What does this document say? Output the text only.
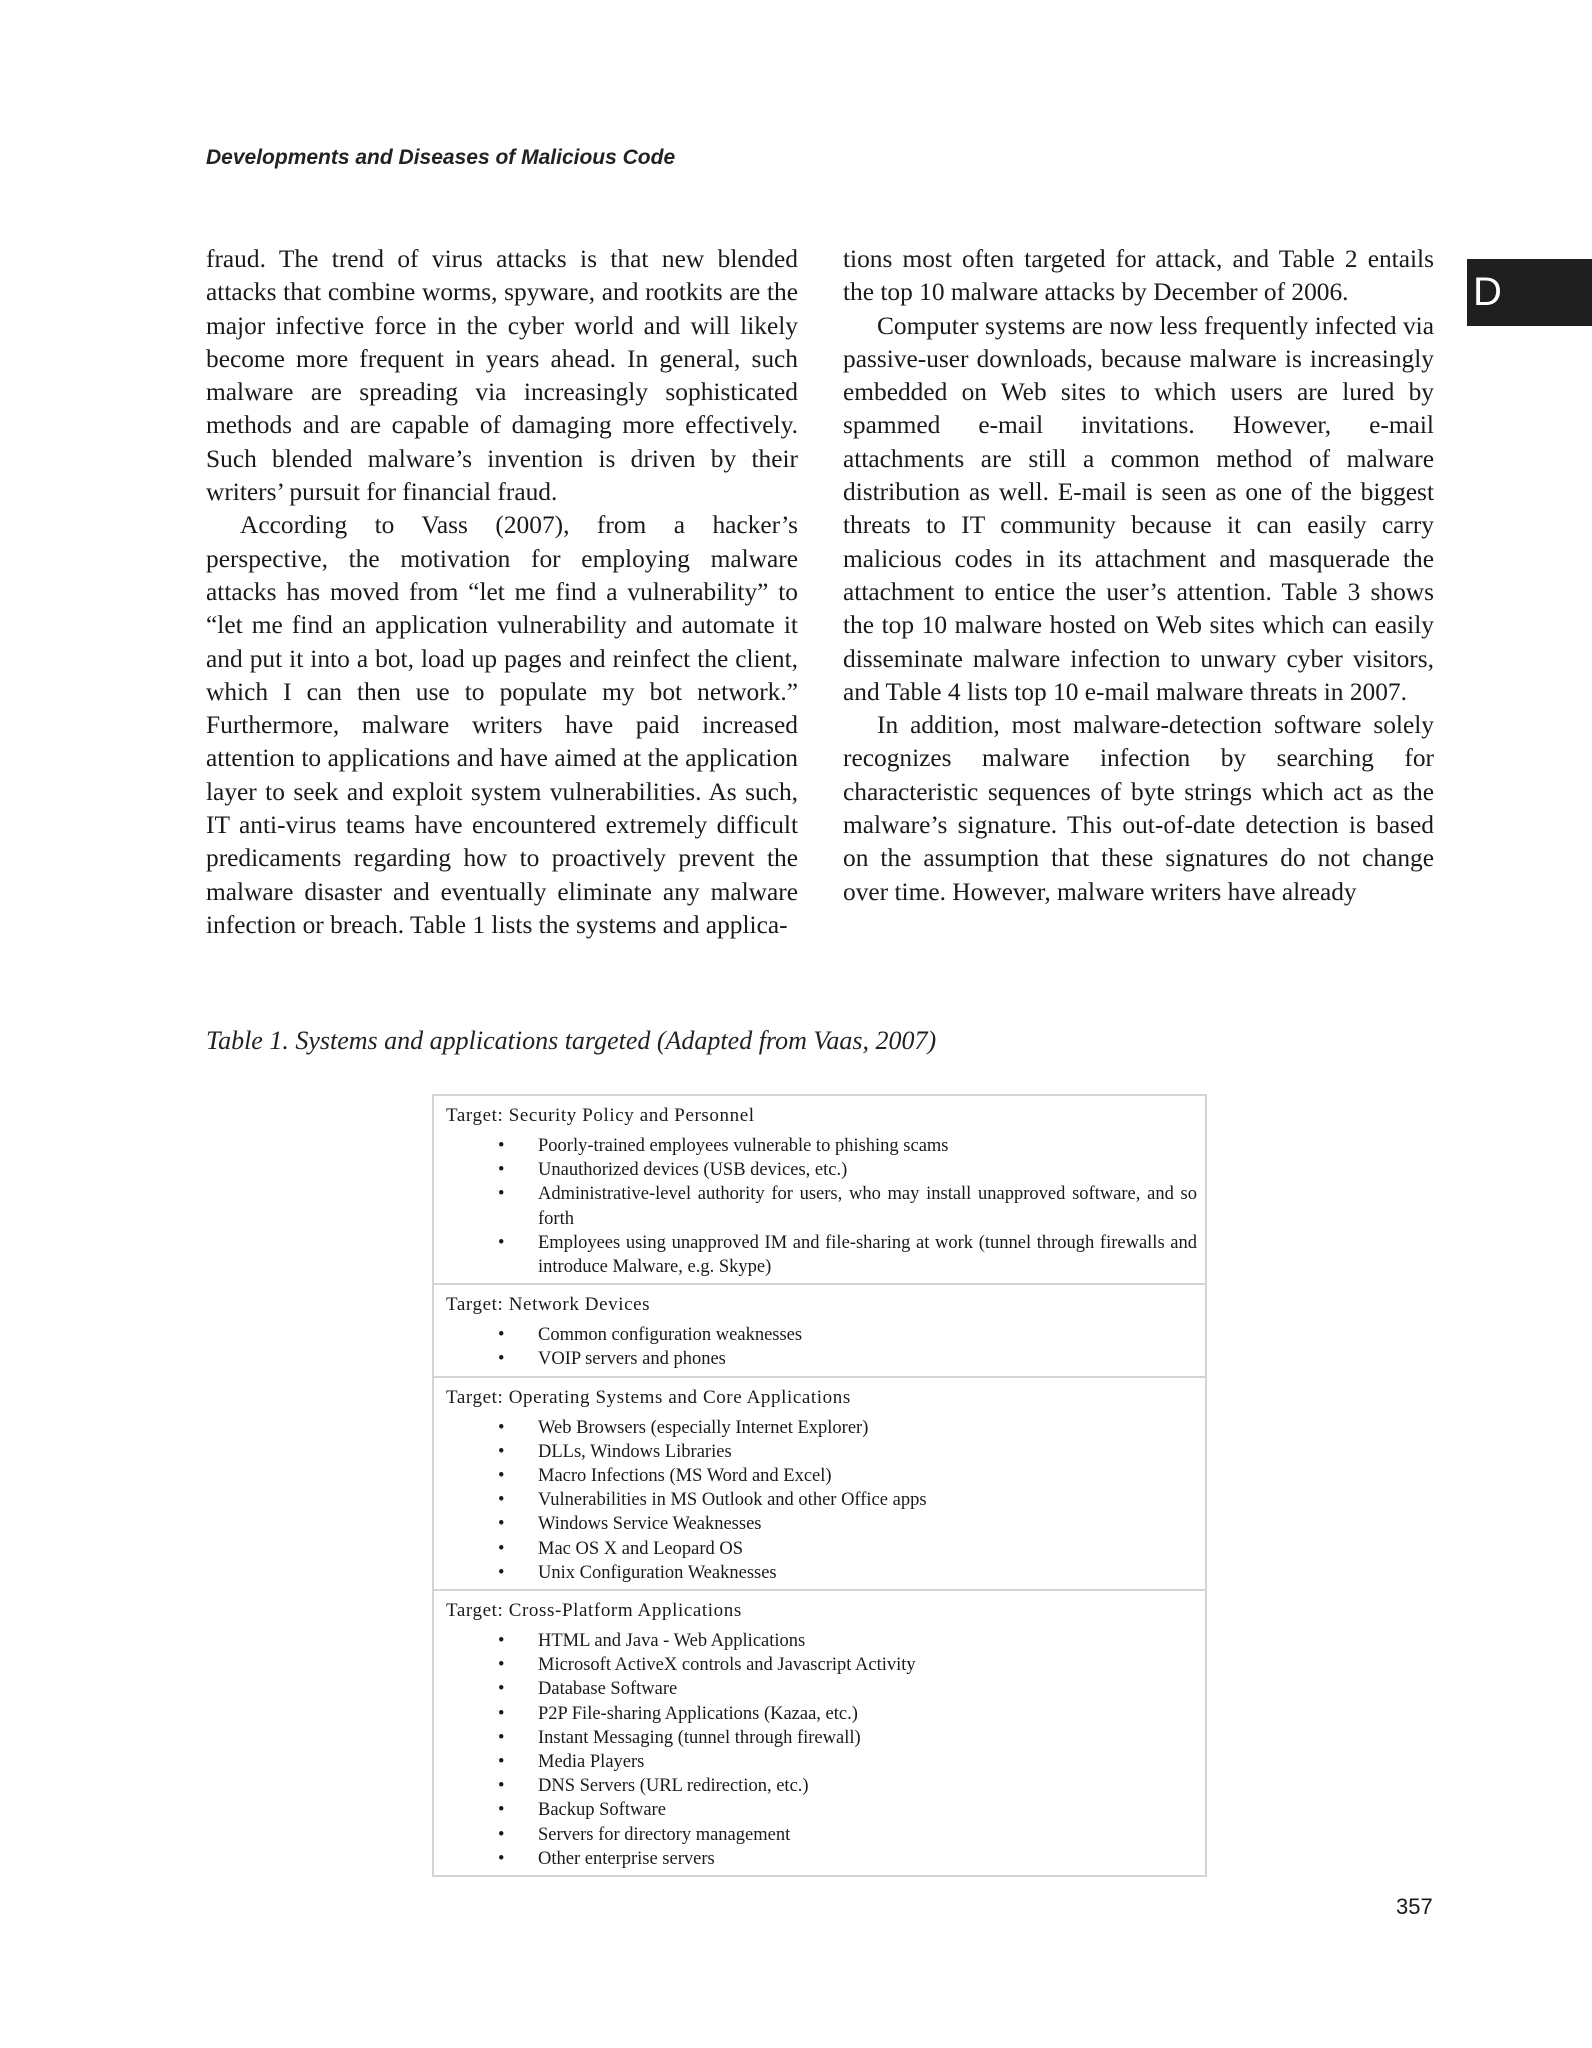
Developments and Diseases of Malicious Code
D

fraud. The trend of virus attacks is that new blended attacks that combine worms, spyware, and rootkits are the major infective force in the cyber world and will likely become more frequent in years ahead. In general, such malware are spreading via increasingly sophisticated methods and are capable of damaging more effectively. Such blended malware’s invention is driven by their writers’ pursuit for financial fraud.

According to Vass (2007), from a hacker’s perspective, the motivation for employing malware attacks has moved from “let me find a vulnerability” to “let me find an application vulnerability and automate it and put it into a bot, load up pages and reinfect the client, which I can then use to populate my bot network.” Furthermore, malware writers have paid increased attention to applications and have aimed at the application layer to seek and exploit system vulnerabilities. As such, IT anti-virus teams have encountered extremely difficult predicaments regarding how to proactively prevent the malware disaster and eventually eliminate any malware infection or breach. Table 1 lists the systems and applica-

tions most often targeted for attack, and Table 2 entails the top 10 malware attacks by December of 2006.

Computer systems are now less frequently infected via passive-user downloads, because malware is increasingly embedded on Web sites to which users are lured by spammed e-mail invitations. However, e-mail attachments are still a common method of malware distribution as well. E-mail is seen as one of the biggest threats to IT community because it can easily carry malicious codes in its attachment and masquerade the attachment to entice the user’s attention. Table 3 shows the top 10 malware hosted on Web sites which can easily disseminate malware infection to unwary cyber visitors, and Table 4 lists top 10 e-mail malware threats in 2007.

In addition, most malware-detection software solely recognizes malware infection by searching for characteristic sequences of byte strings which act as the malware’s signature. This out-of-date detection is based on the assumption that these signatures do not change over time. However, malware writers have already

Table 1. Systems and applications targeted (Adapted from Vaas, 2007)
Target: Security Policy and Personnel
• Poorly-trained employees vulnerable to phishing scams
• Unauthorized devices (USB devices, etc.)
• Administrative-level authority for users, who may install unapproved software, and so forth
• Employees using unapproved IM and file-sharing at work (tunnel through firewalls and introduce Malware, e.g. Skype)
Target: Network Devices
• Common configuration weaknesses
• VOIP servers and phones
Target: Operating Systems and Core Applications
• Web Browsers (especially Internet Explorer)
• DLLs, Windows Libraries
• Macro Infections (MS Word and Excel)
• Vulnerabilities in MS Outlook and other Office apps
• Windows Service Weaknesses
• Mac OS X and Leopard OS
• Unix Configuration Weaknesses
Target: Cross-Platform Applications
• HTML and Java - Web Applications
• Microsoft ActiveX controls and Javascript Activity
• Database Software
• P2P File-sharing Applications (Kazaa, etc.)
• Instant Messaging (tunnel through firewall)
• Media Players
• DNS Servers (URL redirection, etc.)
• Backup Software
• Servers for directory management
• Other enterprise servers
357
